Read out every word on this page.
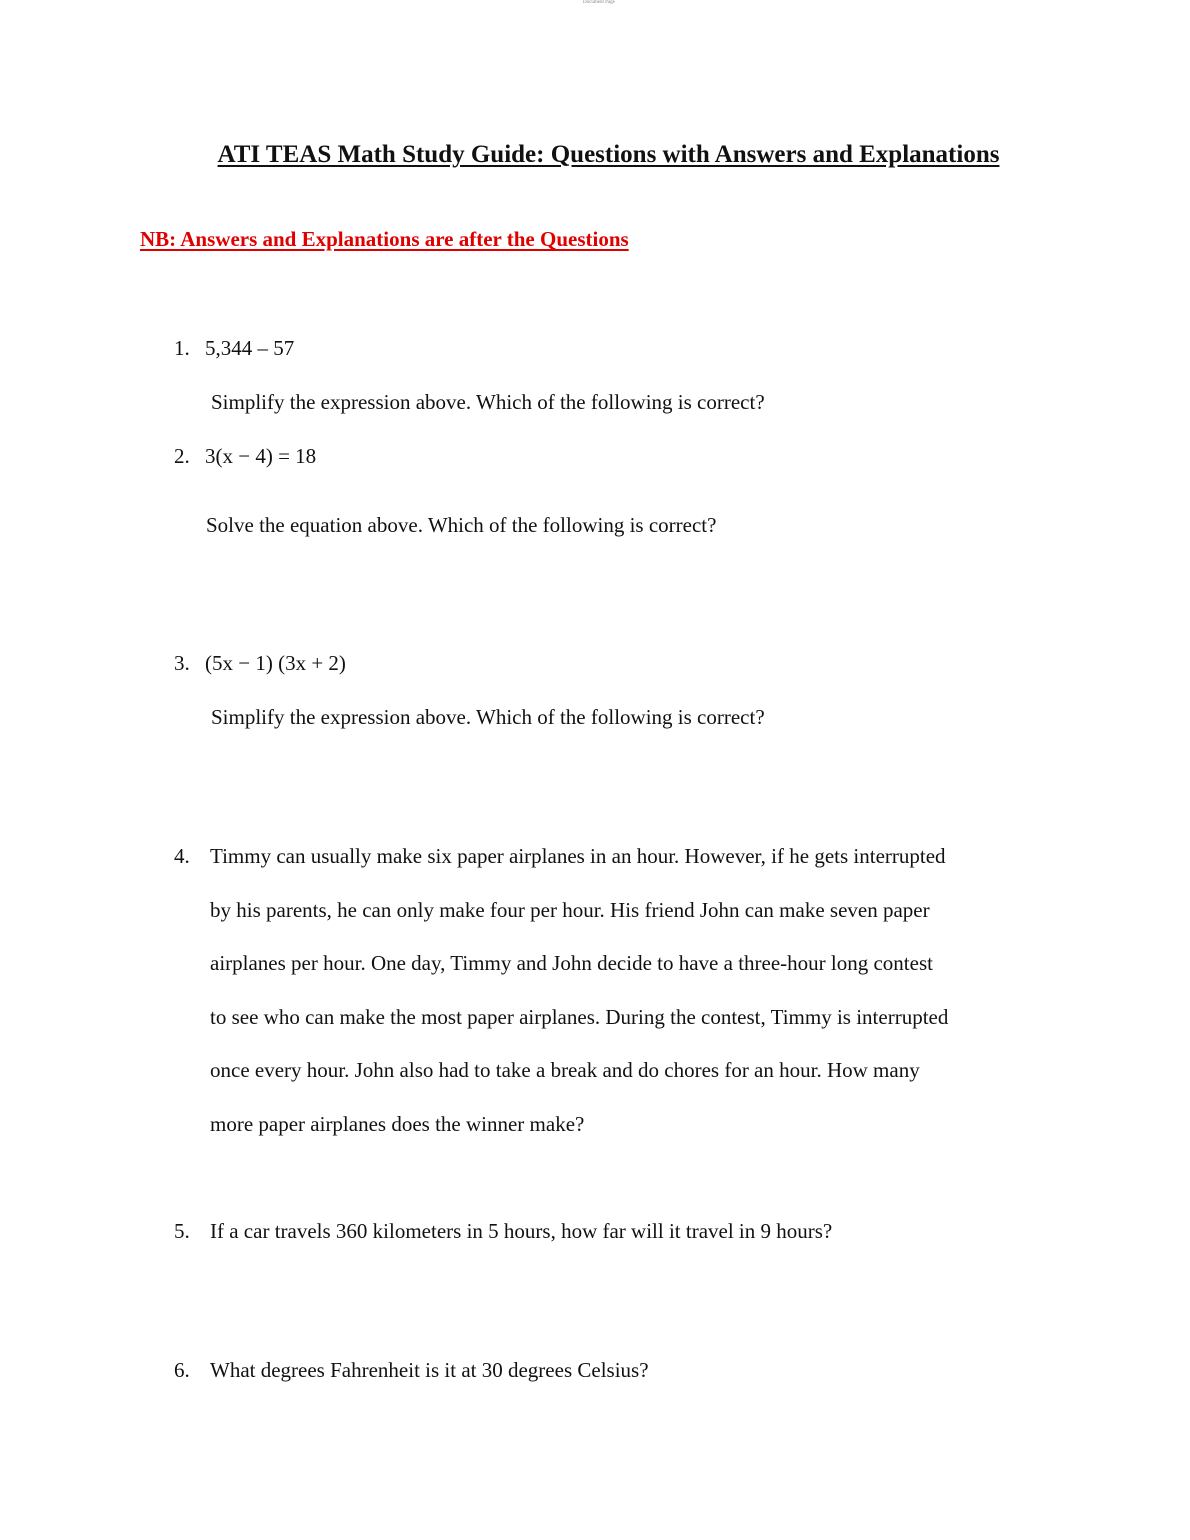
Document Page
ATI TEAS Math Study Guide: Questions with Answers and Explanations
NB: Answers and Explanations are after the Questions
1. 5,344 – 57
Simplify the expression above. Which of the following is correct?
2. 3(x − 4) = 18
Solve the equation above. Which of the following is correct?
3. (5x − 1) (3x + 2)
Simplify the expression above. Which of the following is correct?
4. Timmy can usually make six paper airplanes in an hour. However, if he gets interrupted
by his parents, he can only make four per hour. His friend John can make seven paper
airplanes per hour. One day, Timmy and John decide to have a three-hour long contest
to see who can make the most paper airplanes. During the contest, Timmy is interrupted
once every hour. John also had to take a break and do chores for an hour. How many
more paper airplanes does the winner make?
5. If a car travels 360 kilometers in 5 hours, how far will it travel in 9 hours?
6. What degrees Fahrenheit is it at 30 degrees Celsius?
